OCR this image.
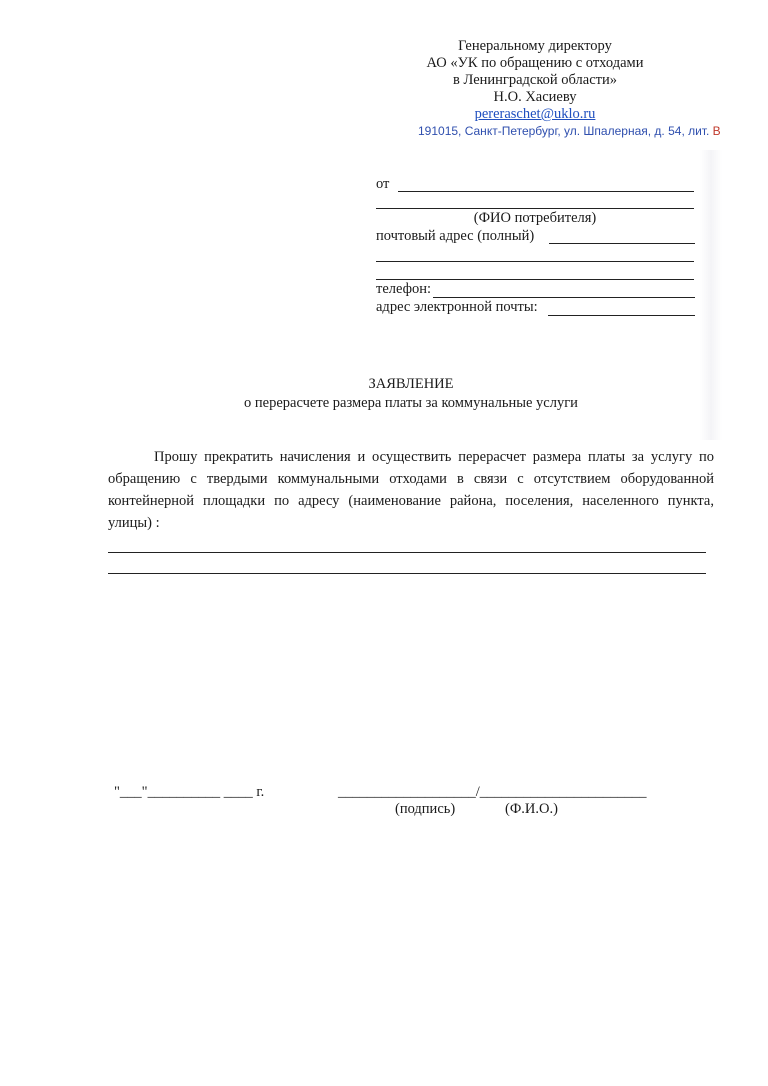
Генеральному директору
АО «УК по обращению с отходами
в Ленинградской области»
Н.О. Хасиеву
pereraschet@uklo.ru
191015, Санкт-Петербург, ул. Шпалерная, д. 54, лит. В
от
(ФИО потребителя)
почтовый адрес (полный)
телефон:
адрес электронной почты:
ЗАЯВЛЕНИЕ
о перерасчете размера платы за коммунальные услуги
Прошу прекратить начисления и осуществить перерасчет размера платы за услугу по обращению с твердыми коммунальными отходами в связи с отсутствием оборудованной контейнерной площадки по адресу (наименование района, поселения, населенного пункта, улицы) :
"___"__________ ____ г.	___________________/_______________________
(подпись)	(Ф.И.О.)
